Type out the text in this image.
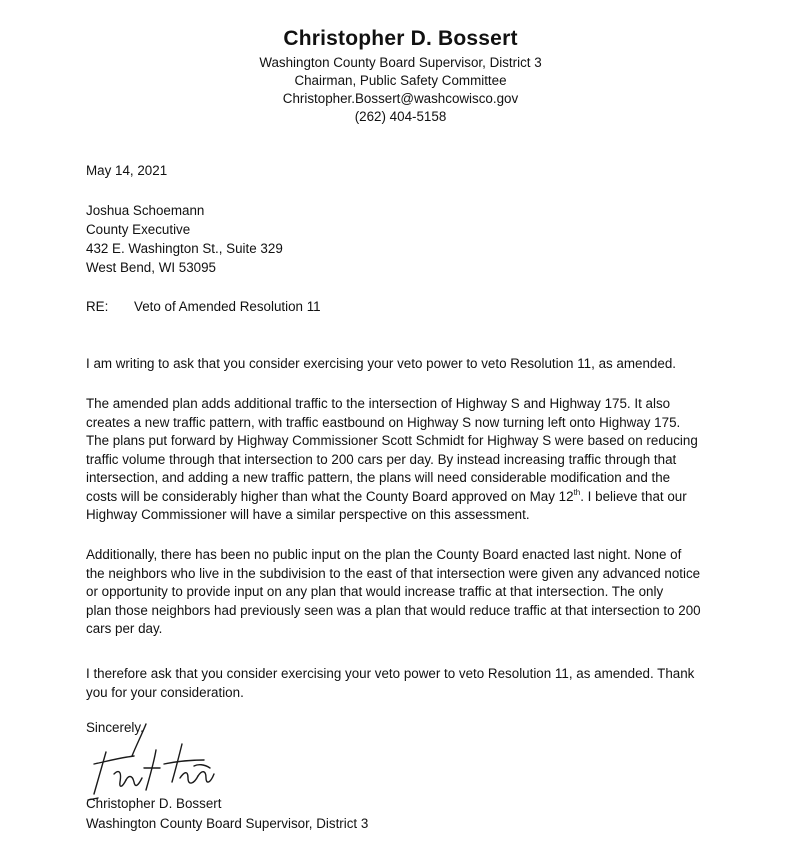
Christopher D. Bossert
Washington County Board Supervisor, District 3
Chairman, Public Safety Committee
Christopher.Bossert@washcowisco.gov
(262) 404-5158
May 14, 2021
Joshua Schoemann
County Executive
432 E. Washington St., Suite 329
West Bend, WI 53095
RE: Veto of Amended Resolution 11

I am writing to ask that you consider exercising your veto power to veto Resolution 11, as amended.

The amended plan adds additional traffic to the intersection of Highway S and Highway 175. It also

creates a new traffic pattern, with traffic eastbound on Highway S now turning left onto Highway 175.

The plans put forward by Highway Commissioner Scott Schmidt for Highway S were based on reducing

traffic volume through that intersection to 200 cars per day. By instead increasing traffic through that

intersection, and adding a new traffic pattern, the plans will need considerable modification and the

costs will be considerably higher than what the County Board approved on May 12th. I believe that our

Highway Commissioner will have a similar perspective on this assessment.

Additionally, there has been no public input on the plan the County Board enacted last night. None of

the neighbors who live in the subdivision to the east of that intersection were given any advanced notice

or opportunity to provide input on any plan that would increase traffic at that intersection. The only

plan those neighbors had previously seen was a plan that would reduce traffic at that intersection to 200

cars per day.

I therefore ask that you consider exercising your veto power to veto Resolution 11, as amended. Thank

you for your consideration.

Sincerely,
Christopher D. Bossert
Washington County Board Supervisor, District 3
